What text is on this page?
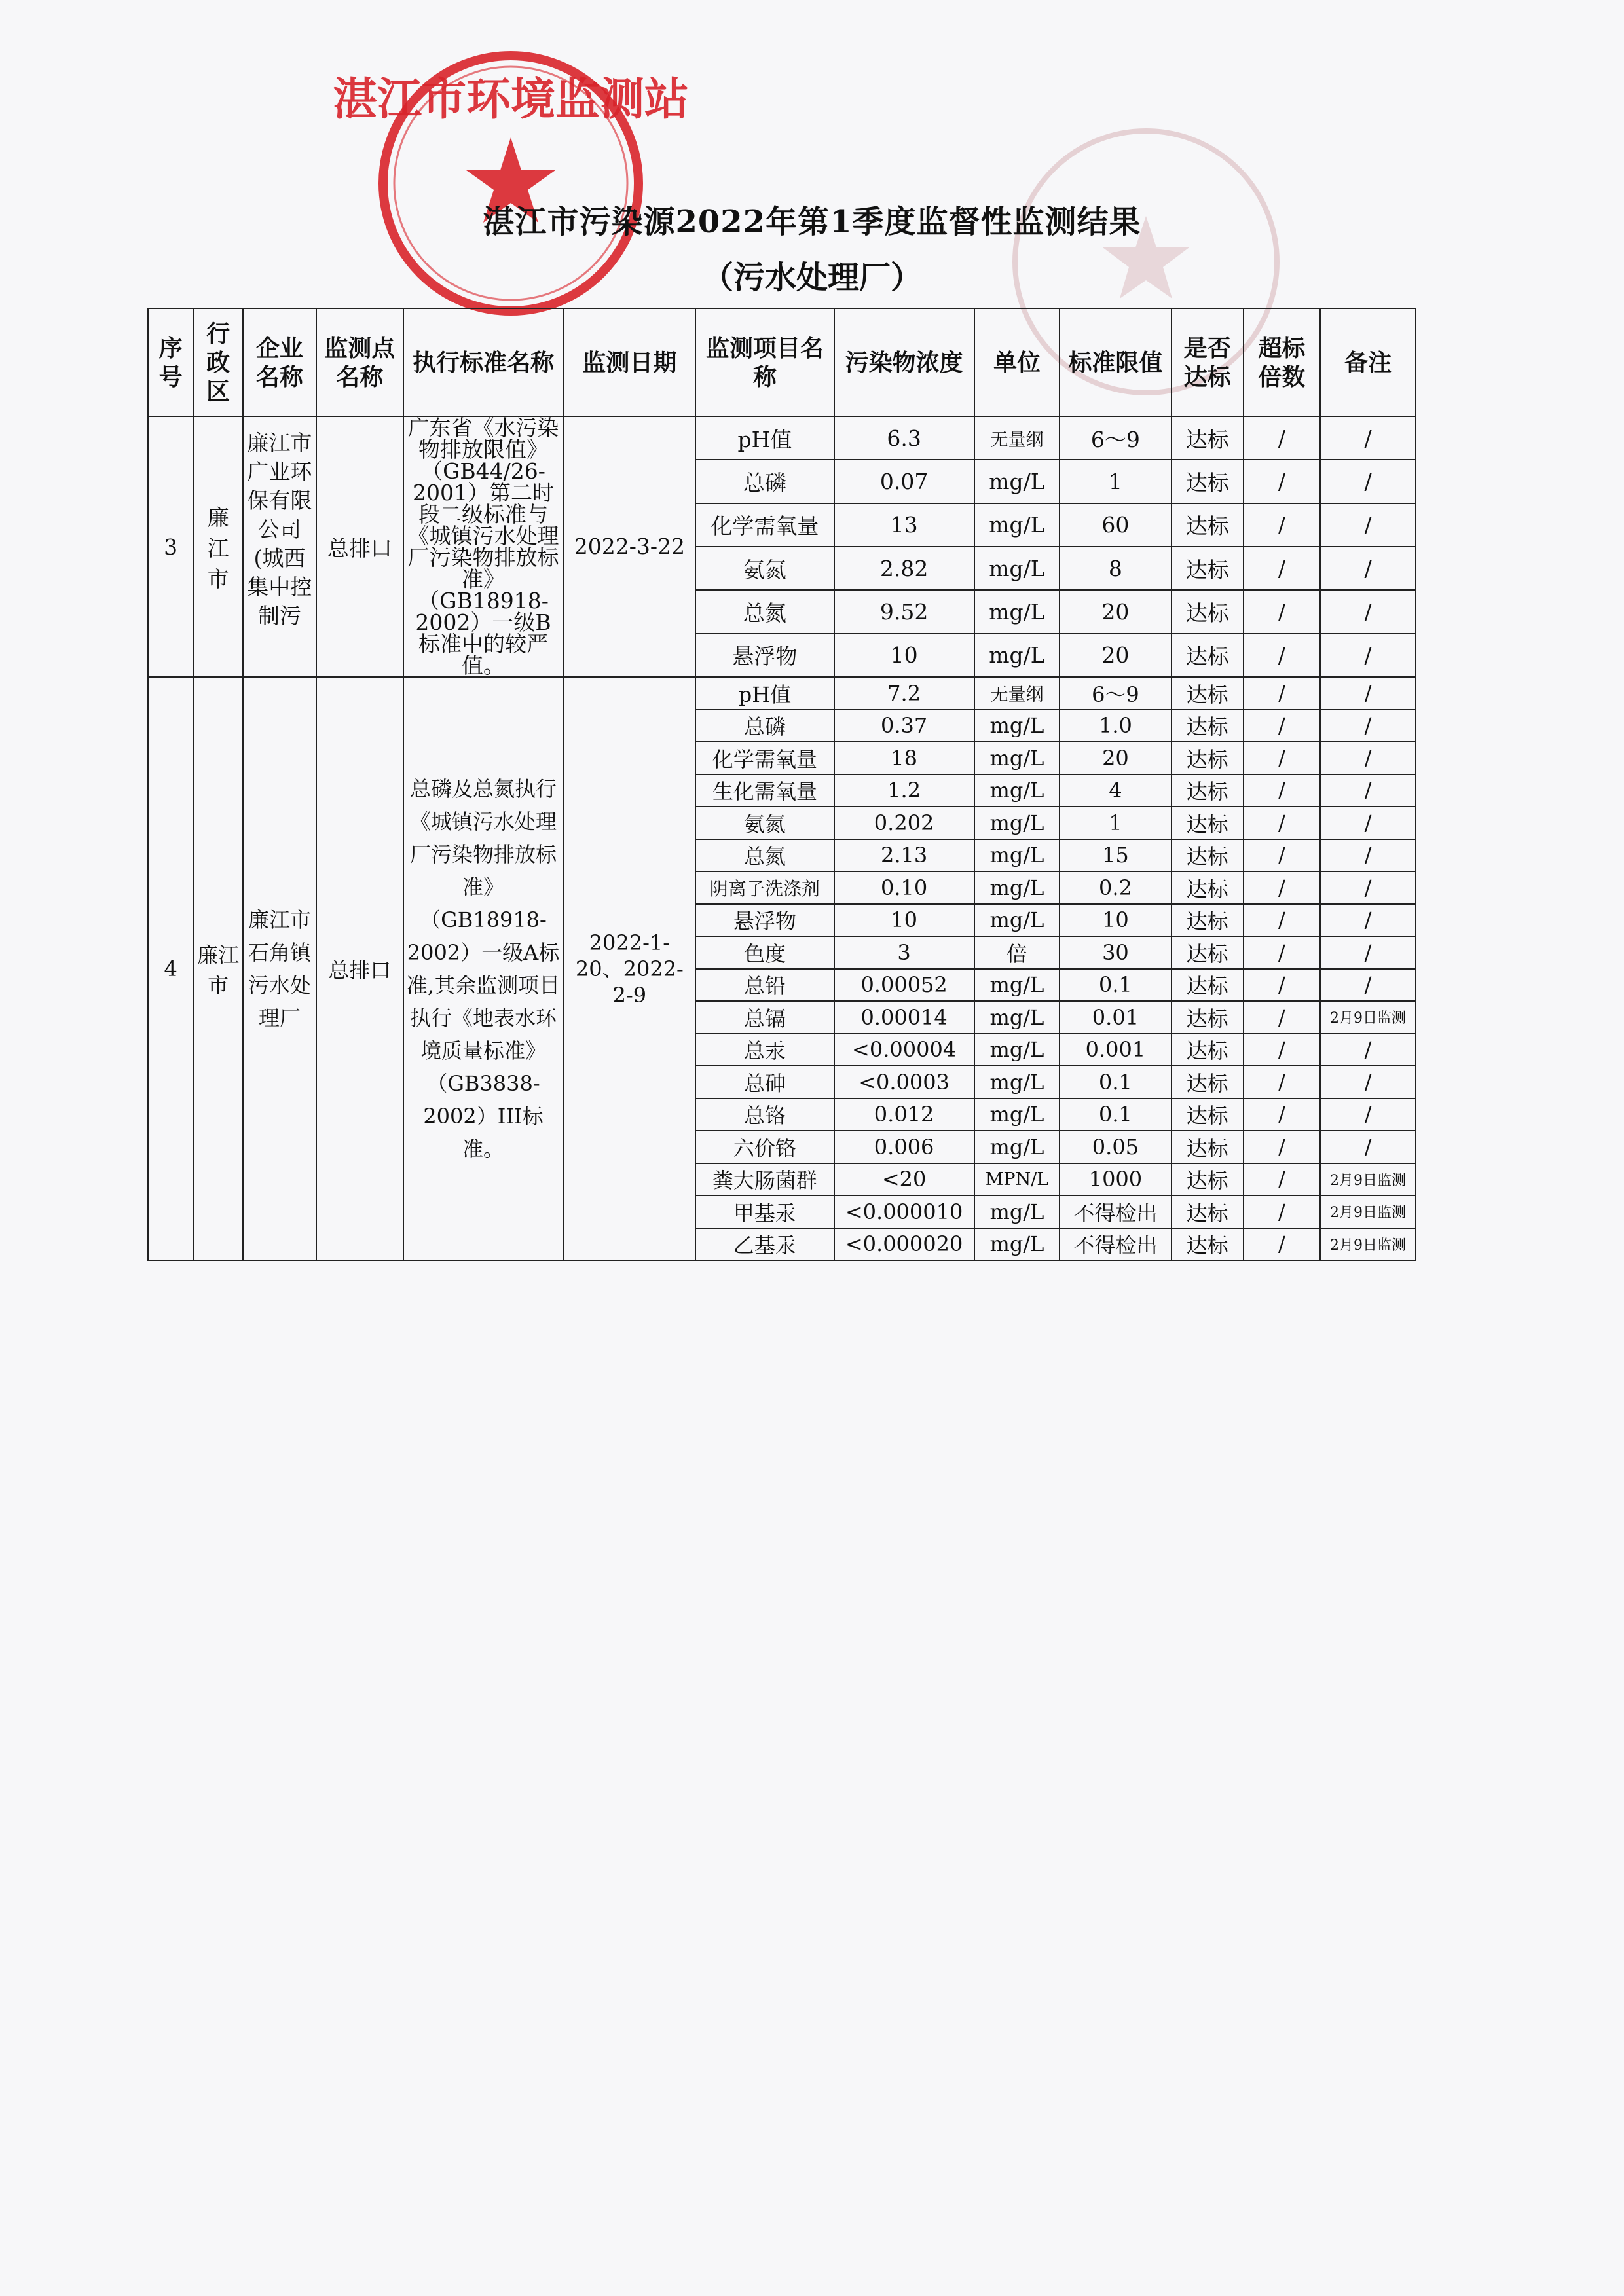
湛江市环境监测站
湛江市污染源2022年第1季度监督性监测结果
（污水处理厂）
序号	行政区	企业名称	监测点名称	执行标准名称	监测日期	监测项目名称	污染物浓度	单位	标准限值	是否达标	超标倍数	备注
3	廉江市	廉江市广业环保有限公司(城西集中控制污	总排口	广东省《水污染物排放限值》（GB44/26-2001）第二时段二级标准与《城镇污水处理厂污染物排放标准》（GB18918-2002）一级B标准中的较严值。	2022-3-22	pH值	6.3	无量纲	6～9	达标	/	/
						总磷	0.07	mg/L	1	达标	/	/
						化学需氧量	13	mg/L	60	达标	/	/
						氨氮	2.82	mg/L	8	达标	/	/
						总氮	9.52	mg/L	20	达标	/	/
						悬浮物	10	mg/L	20	达标	/	/
4	廉江市	廉江市石角镇污水处理厂	总排口	总磷及总氮执行《城镇污水处理厂污染物排放标准》（GB18918-2002）一级A标准,其余监测项目执行《地表水环境质量标准》（GB3838-2002）III标准。	2022-1-20、2022-2-9	pH值	7.2	无量纲	6～9	达标	/	/
						总磷	0.37	mg/L	1.0	达标	/	/
						化学需氧量	18	mg/L	20	达标	/	/
						生化需氧量	1.2	mg/L	4	达标	/	/
						氨氮	0.202	mg/L	1	达标	/	/
						总氮	2.13	mg/L	15	达标	/	/
						阴离子洗涤剂	0.10	mg/L	0.2	达标	/	/
						悬浮物	10	mg/L	10	达标	/	/
						色度	3	倍	30	达标	/	/
						总铅	0.00052	mg/L	0.1	达标	/	/
						总镉	0.00014	mg/L	0.01	达标	/	2月9日监测
						总汞	<0.00004	mg/L	0.001	达标	/	/
						总砷	<0.0003	mg/L	0.1	达标	/	/
						总铬	0.012	mg/L	0.1	达标	/	/
						六价铬	0.006	mg/L	0.05	达标	/	/
						粪大肠菌群	<20	MPN/L	1000	达标	/	2月9日监测
						甲基汞	<0.000010	mg/L	不得检出	达标	/	2月9日监测
						乙基汞	<0.000020	mg/L	不得检出	达标	/	2月9日监测
